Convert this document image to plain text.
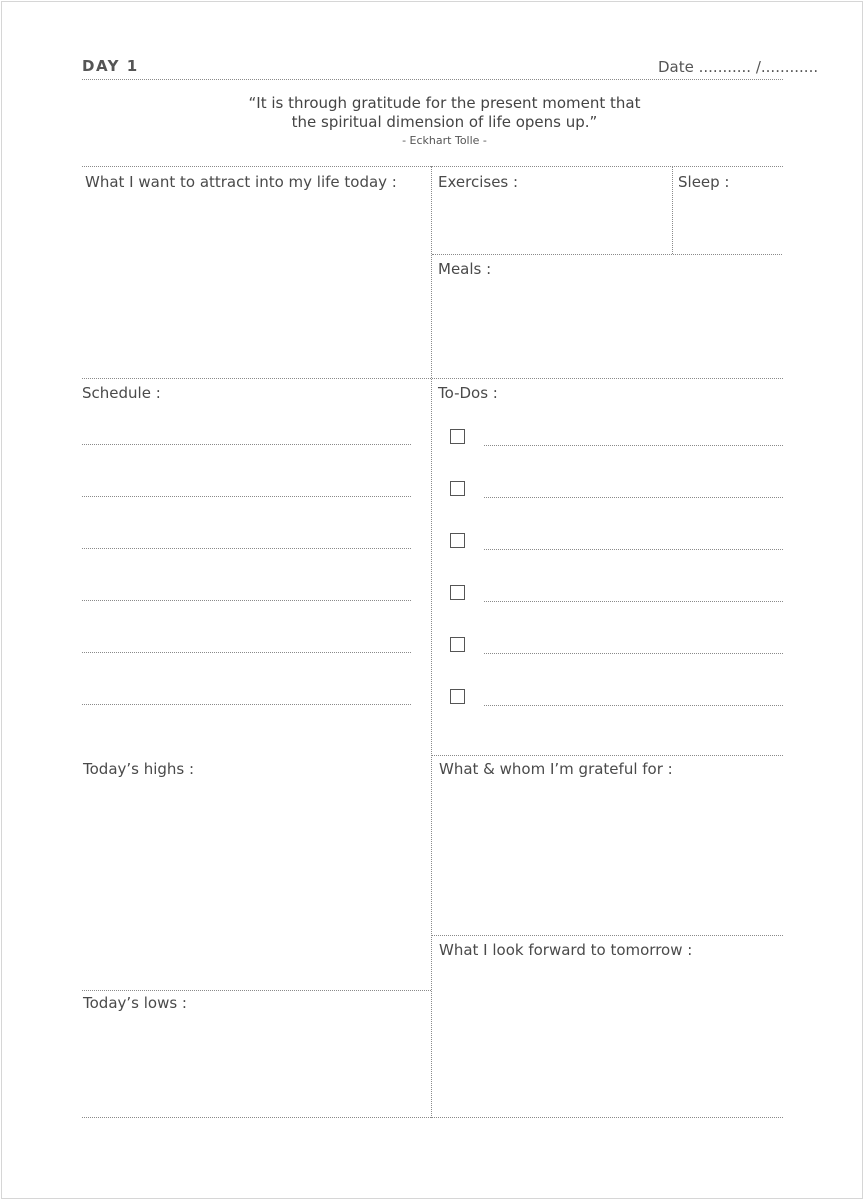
DAY 1	Date ........... /............
“It is through gratitude for the present moment that
the spiritual dimension of life opens up.”
- Eckhart Tolle -
What I want to attract into my life today :	Exercises :	Sleep :
Meals :
Schedule :	To-Dos :
Today’s highs :	What & whom I’m grateful for :
What I look forward to tomorrow :
Today’s lows :
